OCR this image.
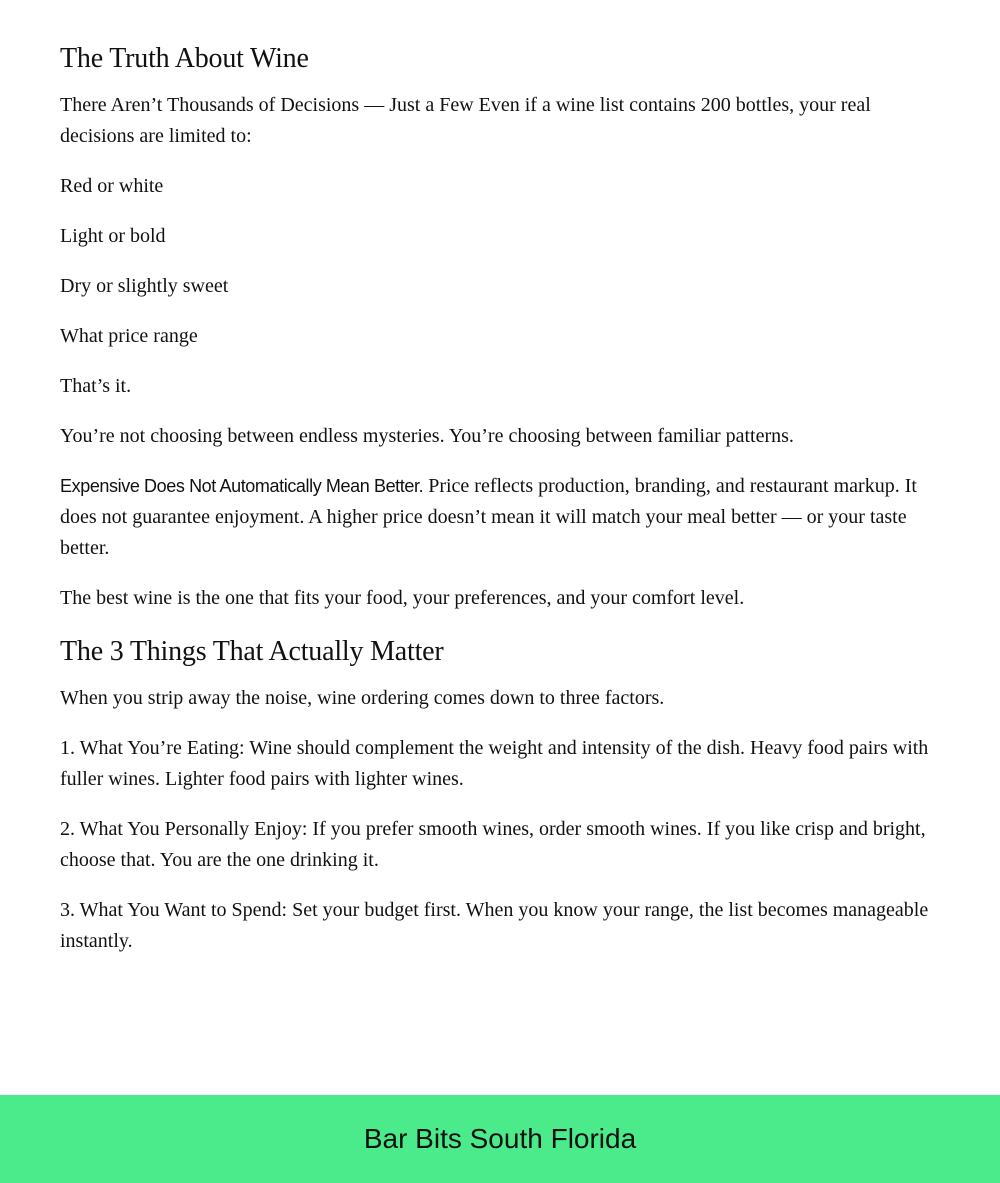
The Truth About Wine

There Aren’t Thousands of Decisions — Just a Few Even if a wine list contains 200 bottles, your real decisions are limited to:

Red or white

Light or bold

Dry or slightly sweet

What price range

That’s it.

You’re not choosing between endless mysteries. You’re choosing between familiar patterns.

Expensive Does Not Automatically Mean Better. Price reflects production, branding, and restaurant markup. It does not guarantee enjoyment. A higher price doesn’t mean it will match your meal better — or your taste better.

The best wine is the one that fits your food, your preferences, and your comfort level.

The 3 Things That Actually Matter

When you strip away the noise, wine ordering comes down to three factors.

1. What You’re Eating: Wine should complement the weight and intensity of the dish. Heavy food pairs with fuller wines. Lighter food pairs with lighter wines.

2. What You Personally Enjoy: If you prefer smooth wines, order smooth wines. If you like crisp and bright, choose that. You are the one drinking it.

3. What You Want to Spend: Set your budget first. When you know your range, the list becomes manageable instantly.

Bar Bits South Florida
